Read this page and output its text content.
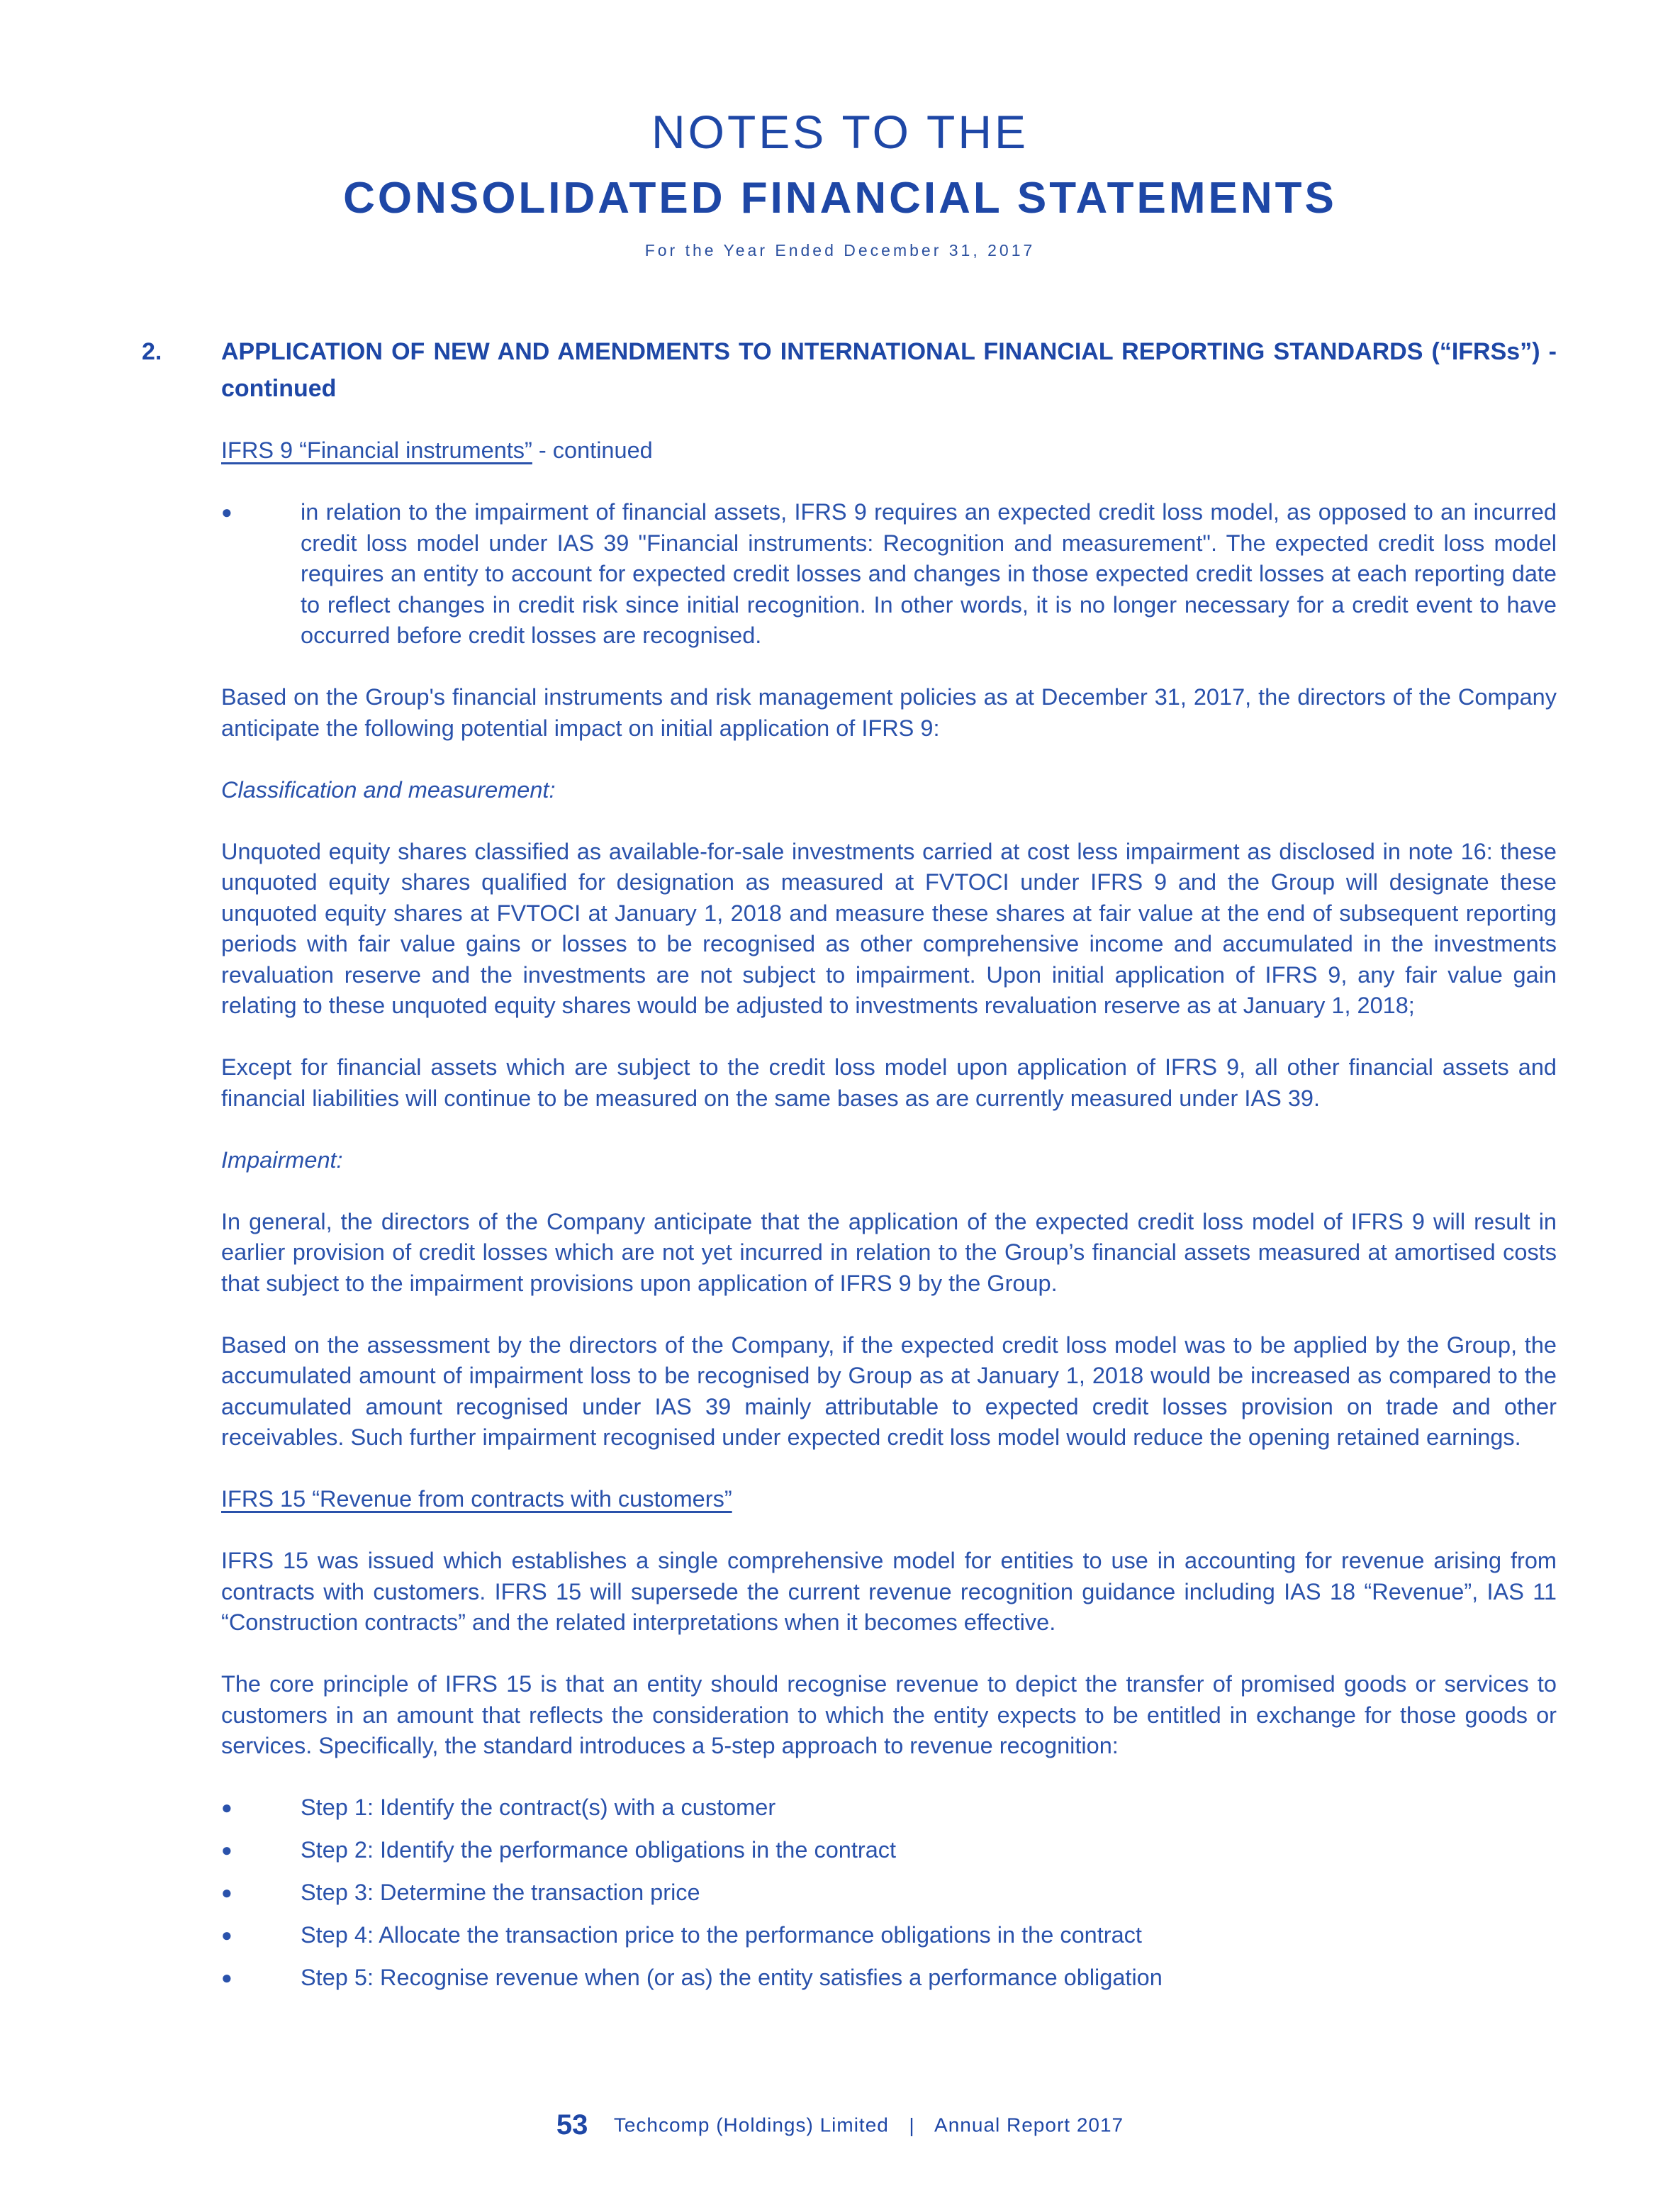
NOTES TO THE
CONSOLIDATED FINANCIAL STATEMENTS
For the Year Ended December 31, 2017
2.	APPLICATION OF NEW AND AMENDMENTS TO INTERNATIONAL FINANCIAL REPORTING STANDARDS (“IFRSs”) - continued
IFRS 9 “Financial instruments” - continued
●	in relation to the impairment of financial assets, IFRS 9 requires an expected credit loss model, as opposed to an incurred credit loss model under IAS 39 "Financial instruments: Recognition and measurement". The expected credit loss model requires an entity to account for expected credit losses and changes in those expected credit losses at each reporting date to reflect changes in credit risk since initial recognition. In other words, it is no longer necessary for a credit event to have occurred before credit losses are recognised.

Based on the Group's financial instruments and risk management policies as at December 31, 2017, the directors of the Company anticipate the following potential impact on initial application of IFRS 9:

Classification and measurement:

Unquoted equity shares classified as available-for-sale investments carried at cost less impairment as disclosed in note 16: these unquoted equity shares qualified for designation as measured at FVTOCI under IFRS 9 and the Group will designate these unquoted equity shares at FVTOCI at January 1, 2018 and measure these shares at fair value at the end of subsequent reporting periods with fair value gains or losses to be recognised as other comprehensive income and accumulated in the investments revaluation reserve and the investments are not subject to impairment. Upon initial application of IFRS 9, any fair value gain relating to these unquoted equity shares would be adjusted to investments revaluation reserve as at January 1, 2018;

Except for financial assets which are subject to the credit loss model upon application of IFRS 9, all other financial assets and financial liabilities will continue to be measured on the same bases as are currently measured under IAS 39.

Impairment:

In general, the directors of the Company anticipate that the application of the expected credit loss model of IFRS 9 will result in earlier provision of credit losses which are not yet incurred in relation to the Group’s financial assets measured at amortised costs that subject to the impairment provisions upon application of IFRS 9 by the Group.

Based on the assessment by the directors of the Company, if the expected credit loss model was to be applied by the Group, the accumulated amount of impairment loss to be recognised by Group as at January 1, 2018 would be increased as compared to the accumulated amount recognised under IAS 39 mainly attributable to expected credit losses provision on trade and other receivables. Such further impairment recognised under expected credit loss model would reduce the opening retained earnings.

IFRS 15 “Revenue from contracts with customers”

IFRS 15 was issued which establishes a single comprehensive model for entities to use in accounting for revenue arising from contracts with customers. IFRS 15 will supersede the current revenue recognition guidance including IAS 18 “Revenue”, IAS 11 “Construction contracts” and the related interpretations when it becomes effective.

The core principle of IFRS 15 is that an entity should recognise revenue to depict the transfer of promised goods or services to customers in an amount that reflects the consideration to which the entity expects to be entitled in exchange for those goods or services. Specifically, the standard introduces a 5-step approach to revenue recognition:

●	Step 1: Identify the contract(s) with a customer
●	Step 2: Identify the performance obligations in the contract
●	Step 3: Determine the transaction price
●	Step 4: Allocate the transaction price to the performance obligations in the contract
●	Step 5: Recognise revenue when (or as) the entity satisfies a performance obligation
53 Techcomp (Holdings) Limited | Annual Report 2017
